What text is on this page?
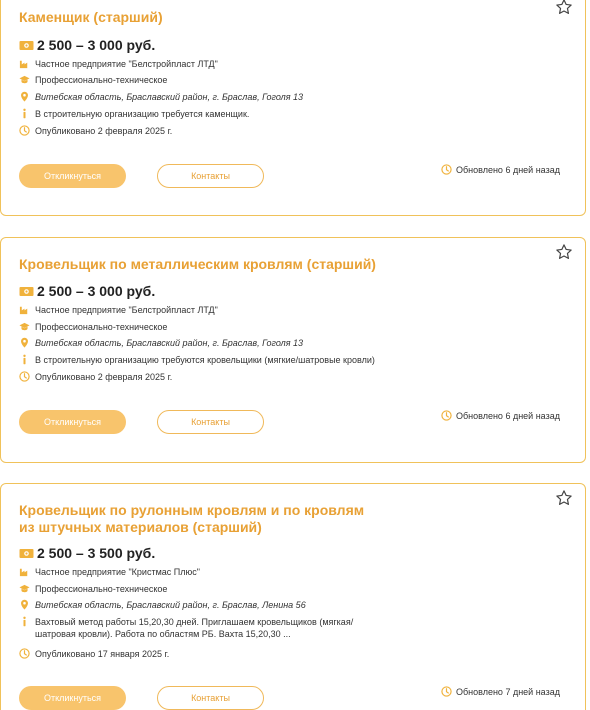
Каменщик (старший)
2 500 – 3 000 руб.
Частное предприятие "Белстройпласт ЛТД"
Профессионально-техническое
Витебская область, Браславский район, г. Браслав, Гоголя 13
В строительную организацию требуется каменщик.
Опубликовано 2 февраля 2025 г.
Откликнуться	Контакты
Обновлено 6 дней назад
Кровельщик по металлическим кровлям (старший)
2 500 – 3 000 руб.
Частное предприятие "Белстройпласт ЛТД"
Профессионально-техническое
Витебская область, Браславский район, г. Браслав, Гоголя 13
В строительную организацию требуются кровельщики (мягкие/шатровые кровли)
Опубликовано 2 февраля 2025 г.
Откликнуться	Контакты
Обновлено 6 дней назад
Кровельщик по рулонным кровлям и по кровлям из штучных материалов (старший)
2 500 – 3 500 руб.
Частное предприятие "Кристмас Плюс"
Профессионально-техническое
Витебская область, Браславский район, г. Браслав, Ленина 56
Вахтовый метод работы 15,20,30 дней. Приглашаем кровельщиков (мягкая/шатровая кровли). Работа по областям РБ. Вахта 15,20,30 ...
Опубликовано 17 января 2025 г.
Откликнуться	Контакты
Обновлено 7 дней назад
